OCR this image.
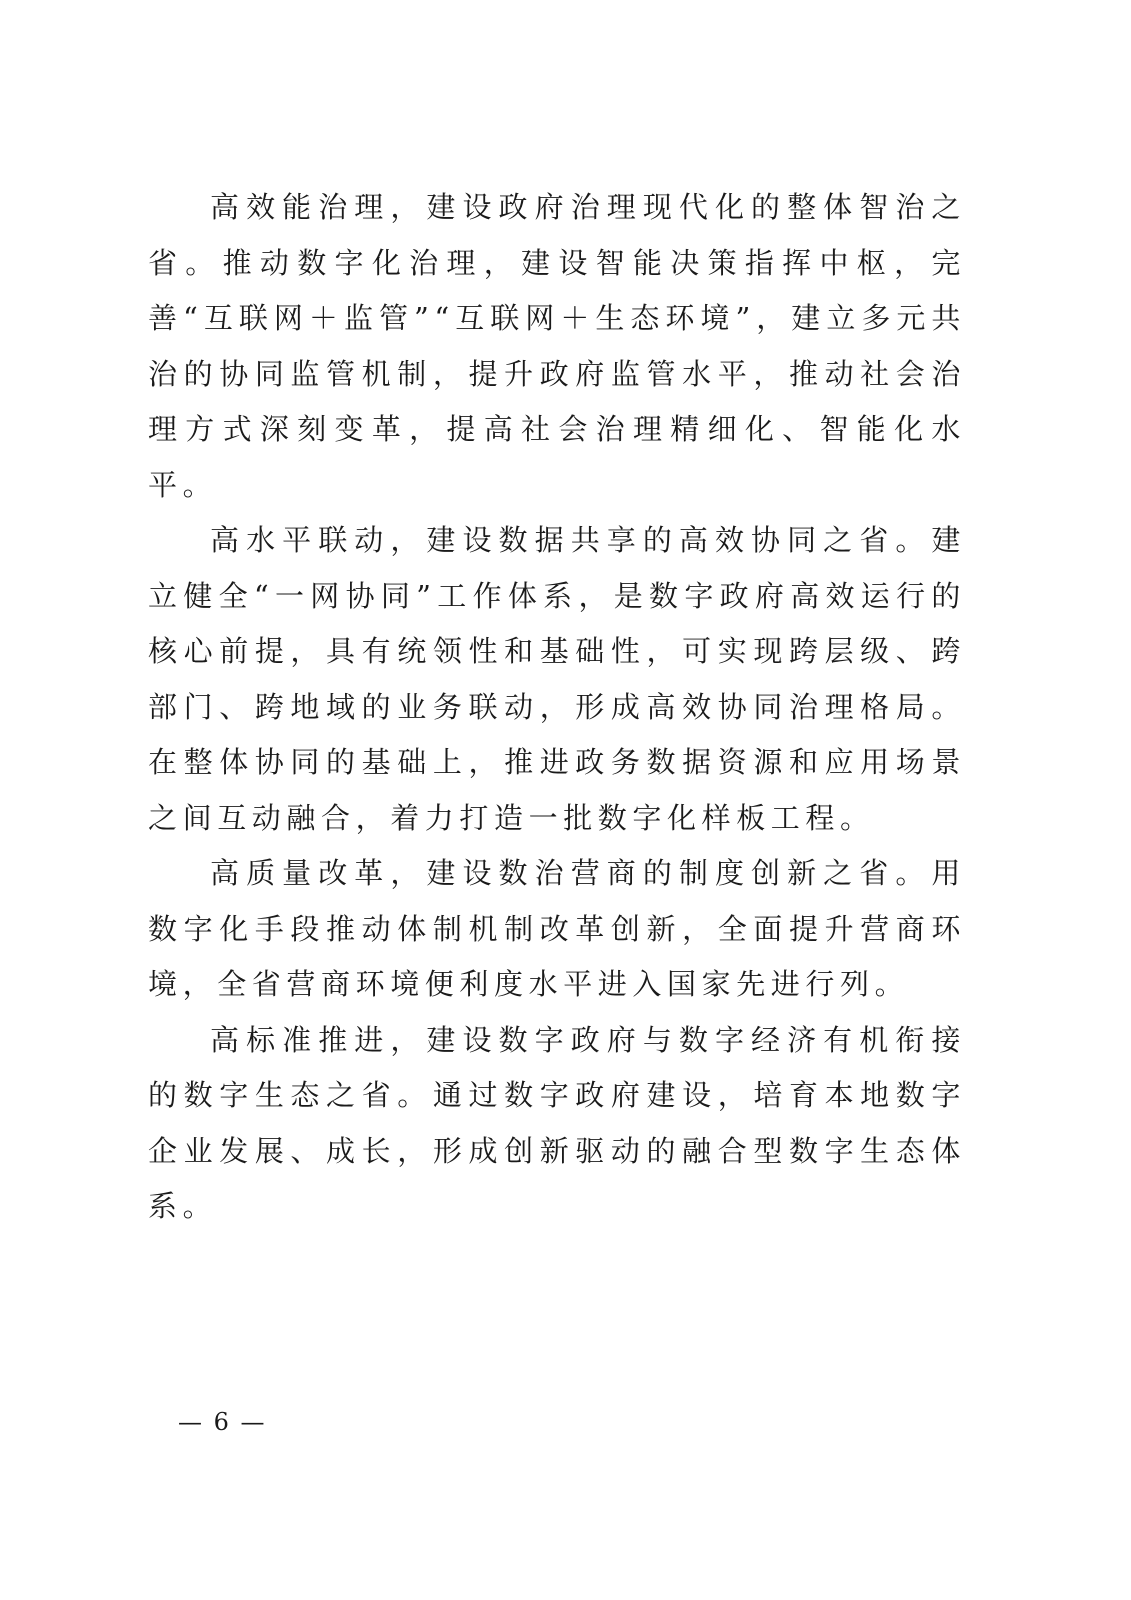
高效能治理，建设政府治理现代化的整体智治之省。推动数字化治理，建设智能决策指挥中枢，完善“互联网＋监管”“互联网＋生态环境”，建立多元共治的协同监管机制，提升政府监管水平，推动社会治理方式深刻变革，提高社会治理精细化、智能化水平。

高水平联动，建设数据共享的高效协同之省。建立健全“一网协同”工作体系，是数字政府高效运行的核心前提，具有统领性和基础性，可实现跨层级、跨部门、跨地域的业务联动，形成高效协同治理格局。在整体协同的基础上，推进政务数据资源和应用场景之间互动融合，着力打造一批数字化样板工程。

高质量改革，建设数治营商的制度创新之省。用数字化手段推动体制机制改革创新，全面提升营商环境，全省营商环境便利度水平进入国家先进行列。

高标准推进，建设数字政府与数字经济有机衔接的数字生态之省。通过数字政府建设，培育本地数字企业发展、成长，形成创新驱动的融合型数字生态体系。

— 6 —
